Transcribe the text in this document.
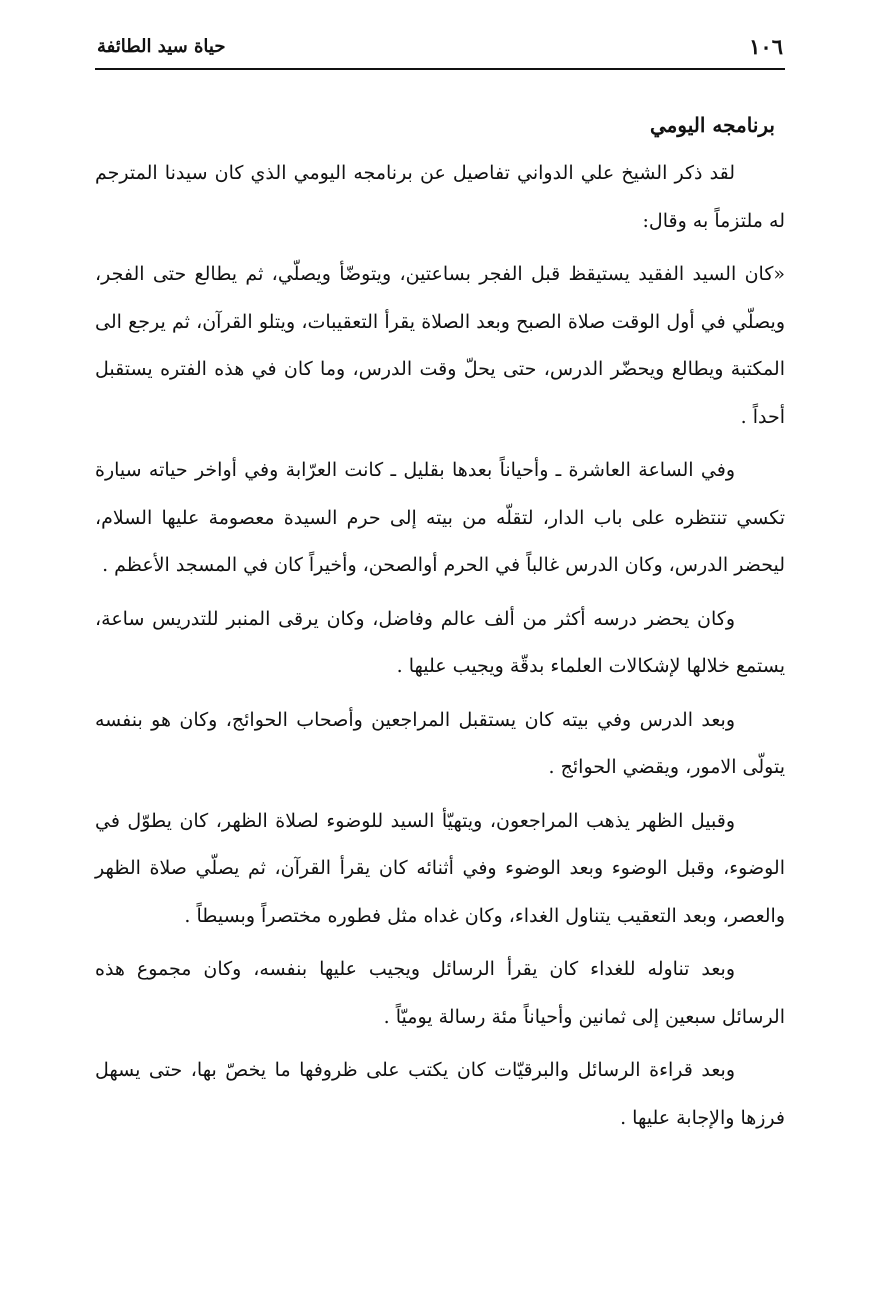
١٠٦
حياة سيد الطائفة
برنامجه اليومي

لقد ذكر الشيخ علي الدواني تفاصيل عن برنامجه اليومي الذي كان سيدنا المترجم له ملتزماً به وقال:

«كان السيد الفقيد يستيقظ قبل الفجر بساعتين، ويتوضّأ ويصلّي، ثم يطالع حتى الفجر، ويصلّي في أول الوقت صلاة الصبح وبعد الصلاة يقرأ التعقيبات، ويتلو القرآن، ثم يرجع الى المكتبة ويطالع ويحضّر الدرس، حتى يحلّ وقت الدرس، وما كان في هذه الفتره يستقبل أحداً .

وفي الساعة العاشرة ـ وأحياناً بعدها بقليل ـ كانت العرّابة وفي أواخر حياته سيارة تكسي تنتظره على باب الدار، لتقلّه من بيته إلى حرم السيدة معصومة عليها السلام، ليحضر الدرس، وكان الدرس غالباً في الحرم أوالصحن، وأخيراً كان في المسجد الأعظم .

وكان يحضر درسه أكثر من ألف عالم وفاضل، وكان يرقى المنبر للتدريس ساعة، يستمع خلالها لإشكالات العلماء بدقّة ويجيب عليها .

وبعد الدرس وفي بيته كان يستقبل المراجعين وأصحاب الحوائج، وكان هو بنفسه يتولّى الامور، ويقضي الحوائج .

وقبيل الظهر يذهب المراجعون، ويتهيّأ السيد للوضوء لصلاة الظهر، كان يطوّل في الوضوء، وقبل الوضوء وبعد الوضوء وفي أثنائه كان يقرأ القرآن، ثم يصلّي صلاة الظهر والعصر، وبعد التعقيب يتناول الغداء، وكان غداه مثل فطوره مختصراً وبسيطاً .

وبعد تناوله للغداء كان يقرأ الرسائل ويجيب عليها بنفسه، وكان مجموع هذه الرسائل سبعين إلى ثمانين وأحياناً مئة رسالة يوميّاً .

وبعد قراءة الرسائل والبرقيّات كان يكتب على ظروفها ما يخصّ بها، حتى يسهل فرزها والإجابة عليها .
